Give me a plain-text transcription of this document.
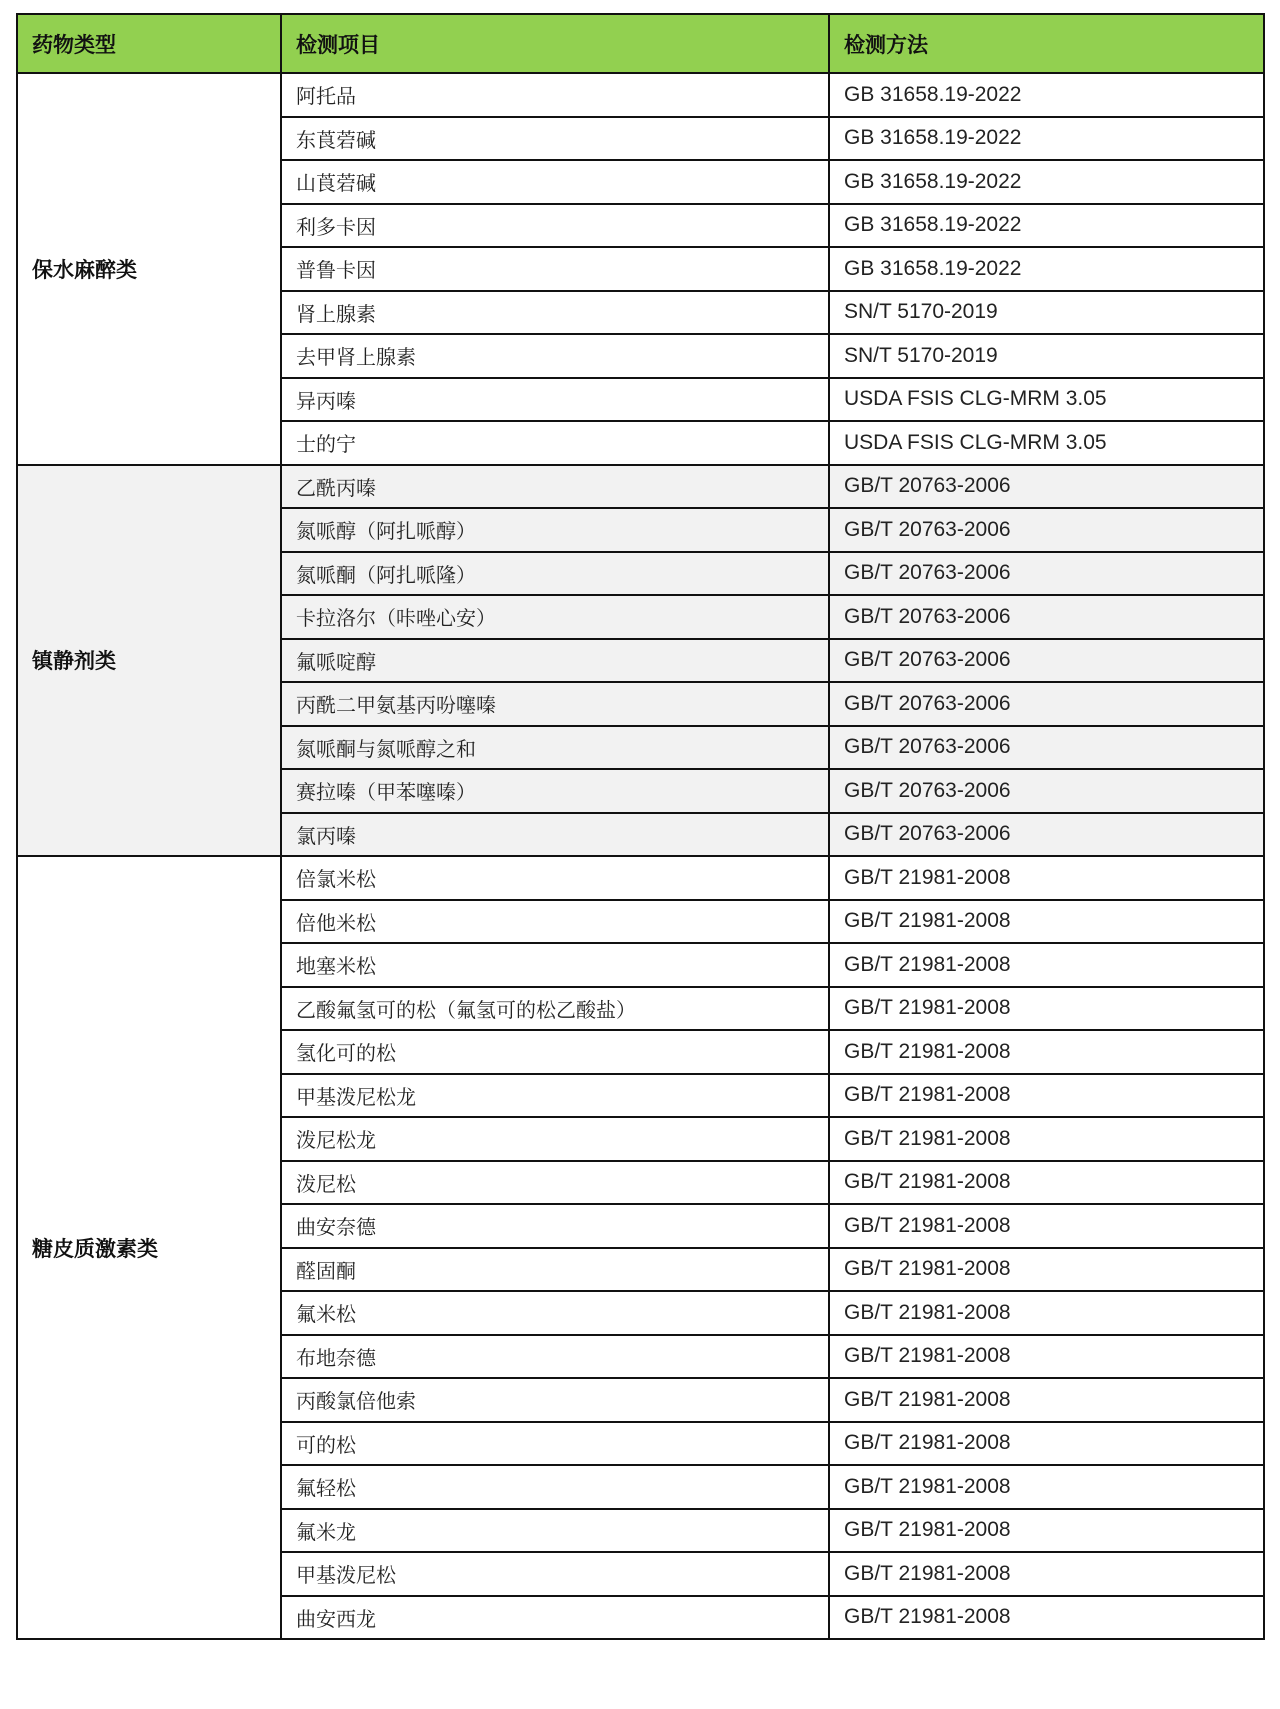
药物类型	检测项目	检测方法
保水麻醉类	阿托品	GB 31658.19-2022
	东莨菪碱	GB 31658.19-2022
	山莨菪碱	GB 31658.19-2022
	利多卡因	GB 31658.19-2022
	普鲁卡因	GB 31658.19-2022
	肾上腺素	SN/T 5170-2019
	去甲肾上腺素	SN/T 5170-2019
	异丙嗪	USDA FSIS CLG-MRM 3.05
	士的宁	USDA FSIS CLG-MRM 3.05
镇静剂类	乙酰丙嗪	GB/T 20763-2006
	氮哌醇（阿扎哌醇）	GB/T 20763-2006
	氮哌酮（阿扎哌隆）	GB/T 20763-2006
	卡拉洛尔（咔唑心安）	GB/T 20763-2006
	氟哌啶醇	GB/T 20763-2006
	丙酰二甲氨基丙吩噻嗪	GB/T 20763-2006
	氮哌酮与氮哌醇之和	GB/T 20763-2006
	赛拉嗪（甲苯噻嗪）	GB/T 20763-2006
	氯丙嗪	GB/T 20763-2006
糖皮质激素类	倍氯米松	GB/T 21981-2008
	倍他米松	GB/T 21981-2008
	地塞米松	GB/T 21981-2008
	乙酸氟氢可的松（氟氢可的松乙酸盐）	GB/T 21981-2008
	氢化可的松	GB/T 21981-2008
	甲基泼尼松龙	GB/T 21981-2008
	泼尼松龙	GB/T 21981-2008
	泼尼松	GB/T 21981-2008
	曲安奈德	GB/T 21981-2008
	醛固酮	GB/T 21981-2008
	氟米松	GB/T 21981-2008
	布地奈德	GB/T 21981-2008
	丙酸氯倍他索	GB/T 21981-2008
	可的松	GB/T 21981-2008
	氟轻松	GB/T 21981-2008
	氟米龙	GB/T 21981-2008
	甲基泼尼松	GB/T 21981-2008
	曲安西龙	GB/T 21981-2008
